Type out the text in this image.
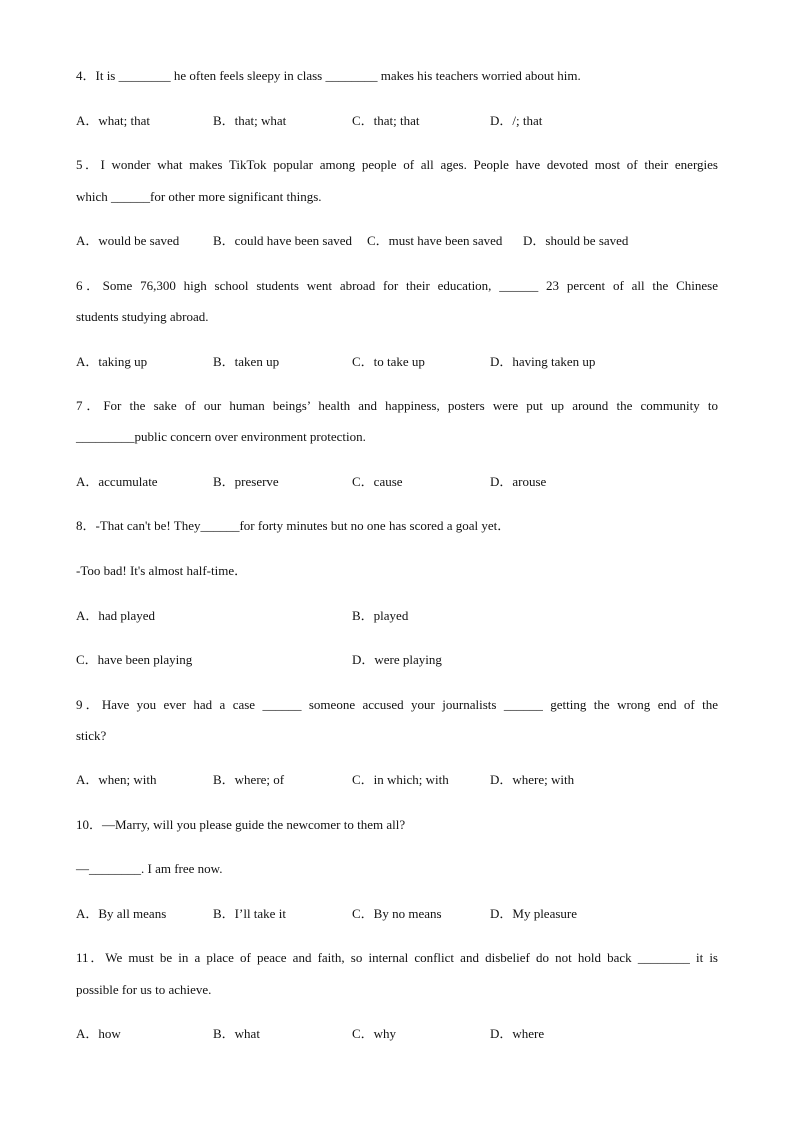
4．It is ________ he often feels sleepy in class ________ makes his teachers worried about him.
A．what; that	B．that; what	C．that; that	D．/; that
5．I wonder what makes TikTok popular among people of all ages. People have devoted most of their energies
which ______for other more significant things.
A．would be saved	B．could have been saved C．must have been saved D．should be saved
6．Some 76,300 high school students went abroad for their education, ______ 23 percent of all the Chinese
students studying abroad.
A．taking up	B．taken up	C．to take up	D．having taken up
7．For the sake of our human beings’ health and happiness, posters were put up around the community to
_________public concern over environment protection.
A．accumulate	B．preserve	C．cause	D．arouse
8．-That can't be! They______for forty minutes but no one has scored a goal yet．
-Too bad! It's almost half-time．
A．had played	B．played
C．have been playing	D．were playing
9．Have you ever had a case ______ someone accused your journalists ______ getting the wrong end of the
stick?
A．when; with	B．where; of	C．in which; with	D．where; with
10．—Marry, will you please guide the newcomer to them all?
—________. I am free now.
A．By all means	B．I’ll take it	C．By no means	D．My pleasure
11．We must be in a place of peace and faith, so internal conflict and disbelief do not hold back ________ it is
possible for us to achieve.
A．how	B．what	C．why	D．where
